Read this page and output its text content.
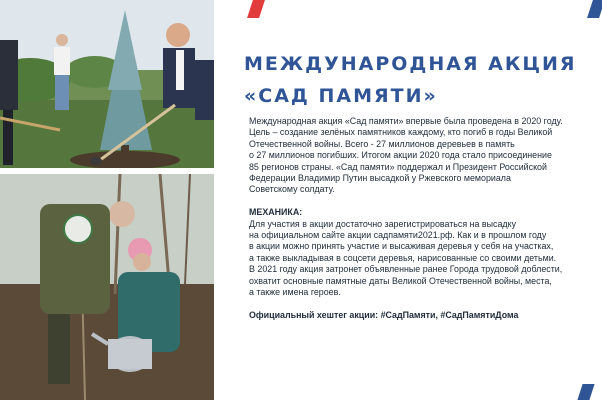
МЕЖДУНАРОДНАЯ АКЦИЯ
«САД ПАМЯТИ»

Международная акция «Сад памяти» впервые была проведена в 2020 году.
Цель – создание зелёных памятников каждому, кто погиб в годы Великой
Отечественной войны. Всего - 27 миллионов деревьев в память
о 27 миллионов погибших. Итогом акции 2020 года стало присоединение
85 регионов страны. «Сад памяти» поддержал и Президент Российской
Федерации Владимир Путин высадкой у Ржевского мемориала
Советскому солдату.

МЕХАНИКА:
Для участия в акции достаточно зарегистрироваться на высадку
на официальном сайте акции садпамяти2021.рф. Как и в прошлом году
в акции можно принять участие и высаживая деревья у себя на участках,
а также выкладывая в соцсети деревья, нарисованные со своими детьми.
В 2021 году акция затронет объявленные ранее Города трудовой доблести,
охватит основные памятные даты Великой Отечественной войны, места,
а также имена героев.

Официальный хештег акции: #СадПамяти, #СадПамятиДома
